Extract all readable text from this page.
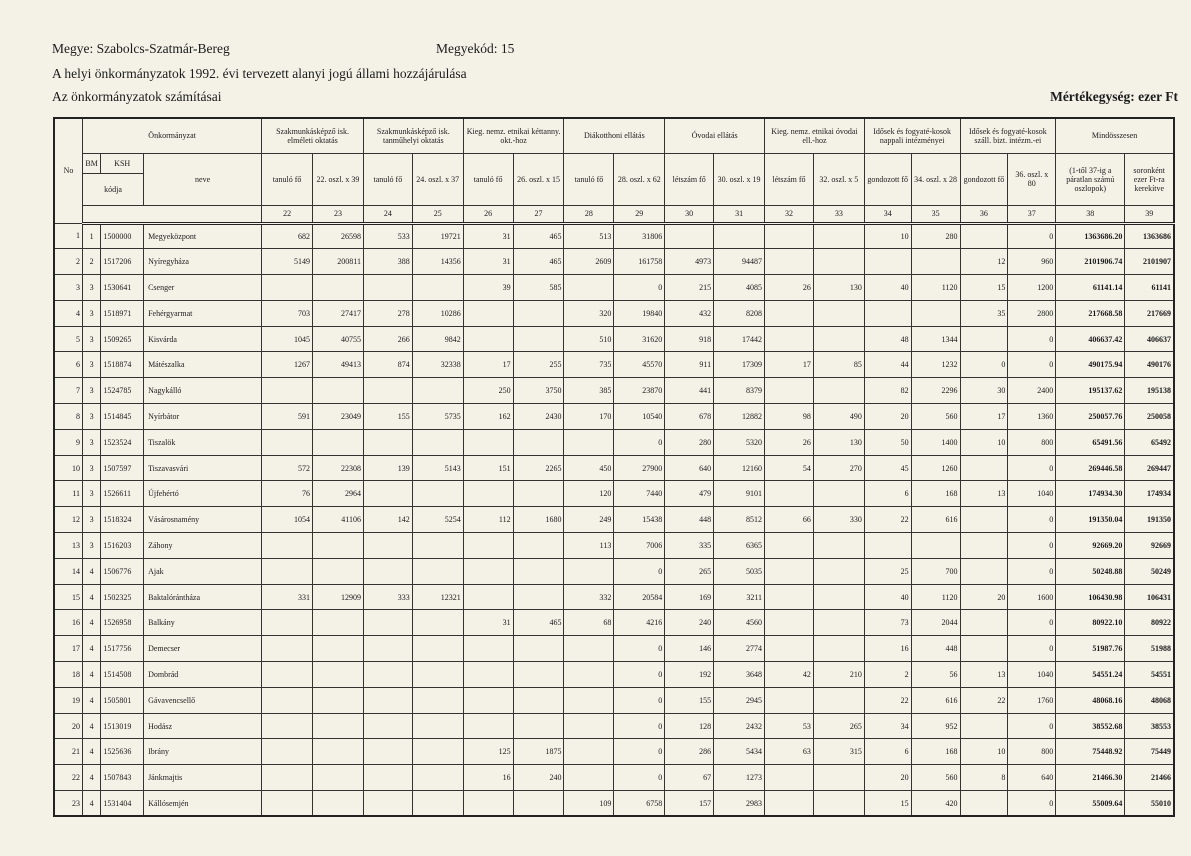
Megye: Szabolcs-Szatmár-Bereg	Megyekód: 15
A helyi önkormányzatok 1992. évi tervezett alanyi jogú állami hozzájárulása
Az önkormányzatok számításai	Mértékegység: ezer Ft
No	Önkormányzat			Szakmunkásképző isk. elméleti oktatás		Szakmunkásképző isk. tanműhelyi oktatás		Kieg. nemz. etnikai kéttanny. okt.-hoz		Diákotthoni ellátás		Óvodai ellátás		Kieg. nemz. etnikai óvodai ell.-hoz		Idősek és fogyaté-kosok nappali intézményei		Idősek és fogyaté-kosok száll. bizt. intézm.-ei		Mindösszesen	
	BM	KSH	neve	tanuló fő	22. oszl. x 39	tanuló fő	24. oszl. x 37	tanuló fő	26. oszl. x 15	tanuló fő	28. oszl. x 62	létszám fő	30. oszl. x 19	létszám fő	32. oszl. x 5	gondozott fő	34. oszl. x 28	gondozott fő	36. oszl. x 80	(1-től 37-ig a páratlan számú oszlopok)	soronként ezer Ft-ra kerekítve
	kódja																				
				22	23	24	25	26	27	28	29	30	31	32	33	34	35	36	37	38	39
1	1	1500000	Megyeközpont	682	26598	533	19721	31	465	513	31806					10	280		0	1363686.20	1363686
2	2	1517206	Nyíregyháza	5149	200811	388	14356	31	465	2609	161758	4973	94487					12	960	2101906.74	2101907
3	3	1530641	Csenger					39	585		0	215	4085	26	130	40	1120	15	1200	61141.14	61141
4	3	1518971	Fehérgyarmat	703	27417	278	10286			320	19840	432	8208					35	2800	217668.58	217669
5	3	1509265	Kisvárda	1045	40755	266	9842			510	31620	918	17442			48	1344		0	406637.42	406637
6	3	1518874	Mátészalka	1267	49413	874	32338	17	255	735	45570	911	17309	17	85	44	1232	0	0	490175.94	490176
7	3	1524785	Nagykálló					250	3750	385	23870	441	8379			82	2296	30	2400	195137.62	195138
8	3	1514845	Nyírbátor	591	23049	155	5735	162	2430	170	10540	678	12882	98	490	20	560	17	1360	250057.76	250058
9	3	1523524	Tiszalök								0	280	5320	26	130	50	1400	10	800	65491.56	65492
10	3	1507597	Tiszavasvári	572	22308	139	5143	151	2265	450	27900	640	12160	54	270	45	1260		0	269446.58	269447
11	3	1526611	Újfehértó	76	2964					120	7440	479	9101			6	168	13	1040	174934.30	174934
12	3	1518324	Vásárosnamény	1054	41106	142	5254	112	1680	249	15438	448	8512	66	330	22	616		0	191350.04	191350
13	3	1516203	Záhony							113	7006	335	6365						0	92669.20	92669
14	4	1506776	Ajak								0	265	5035			25	700		0	50248.88	50249
15	4	1502325	Baktalórántháza	331	12909	333	12321			332	20584	169	3211			40	1120	20	1600	106430.98	106431
16	4	1526958	Balkány					31	465	68	4216	240	4560			73	2044		0	80922.10	80922
17	4	1517756	Demecser								0	146	2774			16	448		0	51987.76	51988
18	4	1514508	Dombrád								0	192	3648	42	210	2	56	13	1040	54551.24	54551
19	4	1505801	Gávavencsellő								0	155	2945			22	616	22	1760	48068.16	48068
20	4	1513019	Hodász								0	128	2432	53	265	34	952		0	38552.68	38553
21	4	1525636	Ibrány					125	1875		0	286	5434	63	315	6	168	10	800	75448.92	75449
22	4	1507843	Jánkmajtis					16	240		0	67	1273			20	560	8	640	21466.30	21466
23	4	1531404	Kállósemjén							109	6758	157	2983			15	420		0	55009.64	55010
